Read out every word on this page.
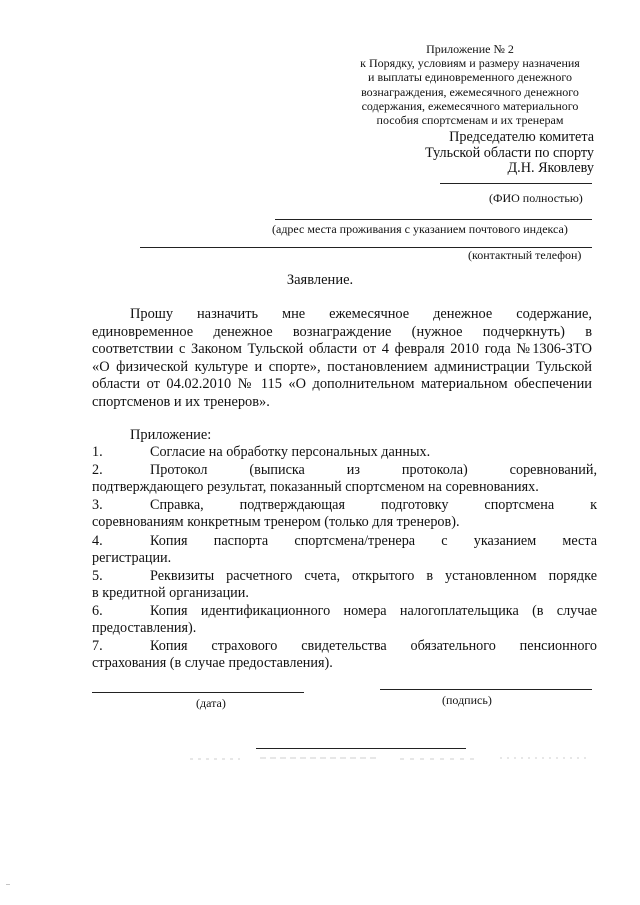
Приложение № 2
к Порядку, условиям и размеру назначения
и выплаты единовременного денежного
вознаграждения, ежемесячного денежного
содержания, ежемесячного материального
пособия спортсменам и их тренерам
Председателю комитета
Тульской области по спорту
Д.Н. Яковлеву
(ФИО полностью)
(адрес места проживания с указанием почтового индекса)
(контактный телефон)
Заявление.
Прошу назначить мне ежемесячное денежное содержание,
единовременное денежное вознаграждение (нужное подчеркнуть) в
соответствии с Законом Тульской области от 4 февраля 2010 года №1306-ЗТО
«О физической культуре и спорте», постановлением администрации Тульской
области от 04.02.2010 № 115 «О дополнительном материальном обеспечении
спортсменов и их тренеров».
Приложение:
1.	Согласие на обработку персональных данных.
2.	Протокол (выписка из протокола) соревнований,
подтверждающего результат, показанный спортсменом на соревнованиях.
3.	Справка, подтверждающая подготовку спортсмена к
соревнованиям конкретным тренером (только для тренеров).
4.	Копия паспорта спортсмена/тренера с указанием места
регистрации.
5.	Реквизиты расчетного счета, открытого в установленном порядке
в кредитной организации.
6.	Копия идентификационного номера налогоплательщика (в случае
предоставления).
7.	Копия страхового свидетельства обязательного пенсионного
страхования (в случае предоставления).
(дата)	(подпись)
